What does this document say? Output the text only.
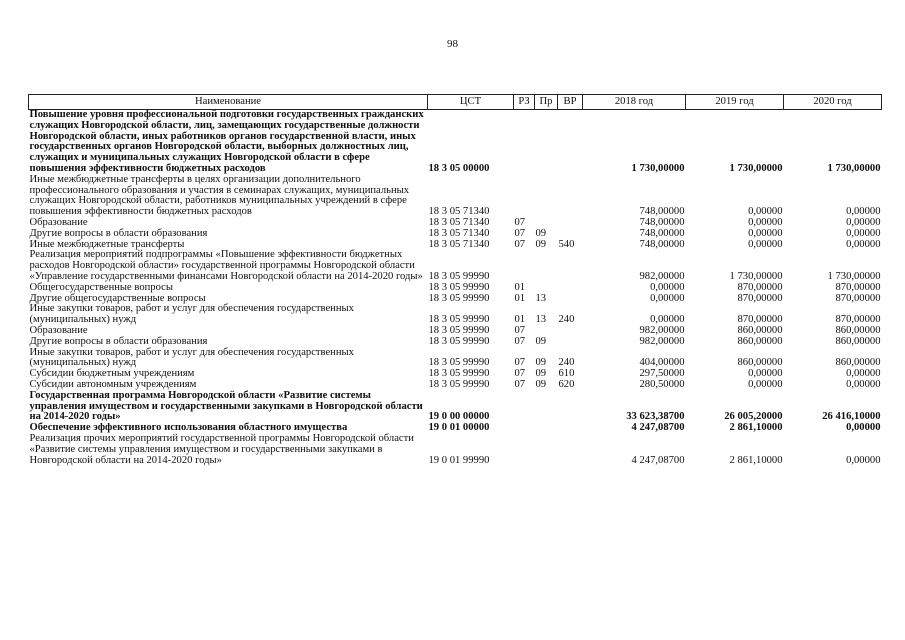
98
Наименование	ЦСТ	РЗ	Пр	ВР	2018 год	2019 год	2020 год
Повышение уровня профессиональной подготовки государственных гражданских служащих Новгородской области, лиц, замещающих государственные должности Новгородской области, иных работников органов государственной власти, иных государственных органов Новгородской области, выборных должностных лиц, служащих и муниципальных служащих Новгородской области в сфере повышения эффективности бюджетных расходов	18 3 05 00000				1 730,00000	1 730,00000	1 730,00000
Иные межбюджетные трансферты в целях организации дополнительного профессионального образования и участия в семинарах служащих, муниципальных служащих Новгородской области, работников муниципальных учреждений в сфере повышения эффективности бюджетных расходов	18 3 05 71340				748,00000	0,00000	0,00000
Образование	18 3 05 71340	07			748,00000	0,00000	0,00000
Другие вопросы в области образования	18 3 05 71340	07	09		748,00000	0,00000	0,00000
Иные межбюджетные трансферты	18 3 05 71340	07	09	540	748,00000	0,00000	0,00000
Реализация мероприятий подпрограммы «Повышение эффективности бюджетных расходов Новгородской области» государственной программы Новгородской области «Управление государственными финансами Новгородской области на 2014-2020 годы»	18 3 05 99990				982,00000	1 730,00000	1 730,00000
Общегосударственные вопросы	18 3 05 99990	01			0,00000	870,00000	870,00000
Другие общегосударственные вопросы	18 3 05 99990	01	13		0,00000	870,00000	870,00000
Иные закупки товаров, работ и услуг для обеспечения государственных (муниципальных) нужд	18 3 05 99990	01	13	240	0,00000	870,00000	870,00000
Образование	18 3 05 99990	07			982,00000	860,00000	860,00000
Другие вопросы в области образования	18 3 05 99990	07	09		982,00000	860,00000	860,00000
Иные закупки товаров, работ и услуг для обеспечения государственных (муниципальных) нужд	18 3 05 99990	07	09	240	404,00000	860,00000	860,00000
Субсидии бюджетным учреждениям	18 3 05 99990	07	09	610	297,50000	0,00000	0,00000
Субсидии автономным учреждениям	18 3 05 99990	07	09	620	280,50000	0,00000	0,00000
Государственная программа Новгородской области «Развитие системы управления имуществом и государственными закупками в Новгородской области на 2014-2020 годы»	19 0 00 00000				33 623,38700	26 005,20000	26 416,10000
Обеспечение эффективного использования областного имущества	19 0 01 00000				4 247,08700	2 861,10000	0,00000
Реализация прочих мероприятий государственной программы Новгородской области «Развитие системы управления имуществом и государственными закупками в Новгородской области на 2014-2020 годы»	19 0 01 99990				4 247,08700	2 861,10000	0,00000
